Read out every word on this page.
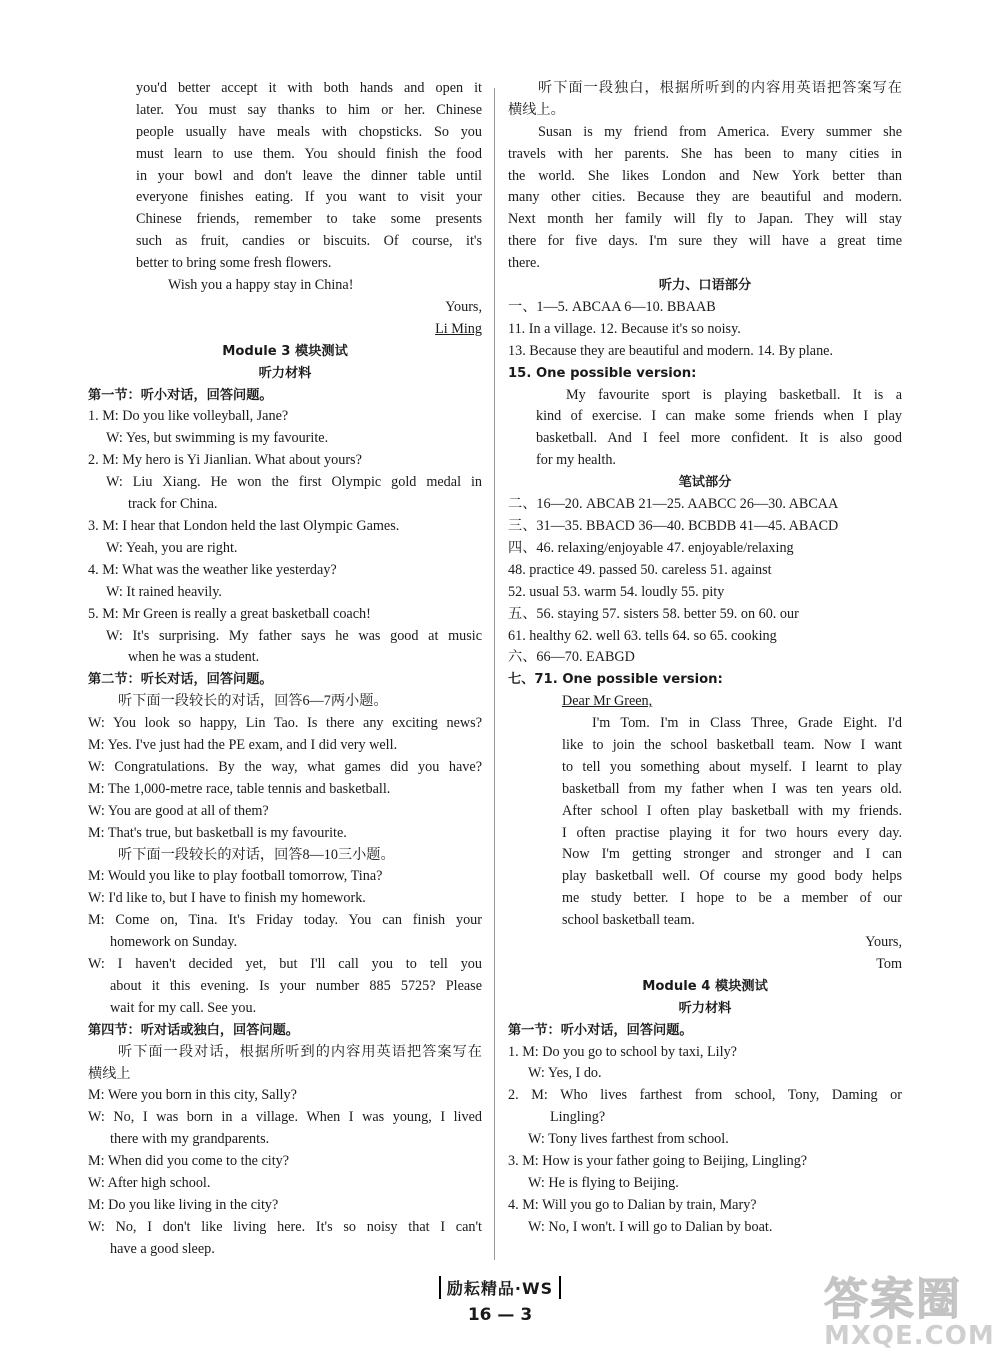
you'd better accept it with both hands and open it
later. You must say thanks to him or her. Chinese
people usually have meals with chopsticks. So you
must learn to use them. You should finish the food
in your bowl and don't leave the dinner table until
everyone finishes eating. If you want to visit your
Chinese friends, remember to take some presents
such as fruit, candies or biscuits. Of course, it's
better to bring some fresh flowers.
Wish you a happy stay in China!
Yours,
Li Ming
Module 3 模块测试
听力材料
第一节：听小对话，回答问题。
1. M: Do you like volleyball, Jane?
W: Yes, but swimming is my favourite.
2. M: My hero is Yi Jianlian. What about yours?
W: Liu Xiang. He won the first Olympic gold medal in
track for China.
3. M: I hear that London held the last Olympic Games.
W: Yeah, you are right.
4. M: What was the weather like yesterday?
W: It rained heavily.
5. M: Mr Green is really a great basketball coach!
W: It's surprising. My father says he was good at music
when he was a student.
第二节：听长对话，回答问题。
听下面一段较长的对话，回答6—7两小题。
W: You look so happy, Lin Tao. Is there any exciting news?
M: Yes. I've just had the PE exam, and I did very well.
W: Congratulations. By the way, what games did you have?
M: The 1,000-metre race, table tennis and basketball.
W: You are good at all of them?
M: That's true, but basketball is my favourite.
听下面一段较长的对话，回答8—10三小题。
M: Would you like to play football tomorrow, Tina?
W: I'd like to, but I have to finish my homework.
M: Come on, Tina. It's Friday today. You can finish your
homework on Sunday.
W: I haven't decided yet, but I'll call you to tell you
about it this evening. Is your number 885 5725? Please
wait for my call. See you.
第四节：听对话或独白，回答问题。
听下面一段对话，根据所听到的内容用英语把答案写在
横线上
M: Were you born in this city, Sally?
W: No, I was born in a village. When I was young, I lived
there with my grandparents.
M: When did you come to the city?
W: After high school.
M: Do you like living in the city?
W: No, I don't like living here. It's so noisy that I can't
have a good sleep.
听下面一段独白，根据所听到的内容用英语把答案写在
横线上。
Susan is my friend from America. Every summer she
travels with her parents. She has been to many cities in
the world. She likes London and New York better than
many other cities. Because they are beautiful and modern.
Next month her family will fly to Japan. They will stay
there for five days. I'm sure they will have a great time
there.
听力、口语部分
一、1—5. ABCAA 6—10. BBAAB
11. In a village. 12. Because it's so noisy.
13. Because they are beautiful and modern. 14. By plane.
15. One possible version:
My favourite sport is playing basketball. It is a
kind of exercise. I can make some friends when I play
basketball. And I feel more confident. It is also good
for my health.
笔试部分
二、16—20. ABCAB 21—25. AABCC 26—30. ABCAA
三、31—35. BBACD 36—40. BCBDB 41—45. ABACD
四、46. relaxing/enjoyable 47. enjoyable/relaxing
48. practice 49. passed 50. careless 51. against
52. usual 53. warm 54. loudly 55. pity
五、56. staying 57. sisters 58. better 59. on 60. our
61. healthy 62. well 63. tells 64. so 65. cooking
六、66—70. EABGD
七、71. One possible version:
Dear Mr Green,
I'm Tom. I'm in Class Three, Grade Eight. I'd
like to join the school basketball team. Now I want
to tell you something about myself. I learnt to play
basketball from my father when I was ten years old.
After school I often play basketball with my friends.
I often practise playing it for two hours every day.
Now I'm getting stronger and stronger and I can
play basketball well. Of course my good body helps
me study better. I hope to be a member of our
school basketball team.
Yours,
Tom
Module 4 模块测试
听力材料
第一节：听小对话，回答问题。
1. M: Do you go to school by taxi, Lily?
W: Yes, I do.
2. M: Who lives farthest from school, Tony, Daming or
Lingling?
W: Tony lives farthest from school.
3. M: How is your father going to Beijing, Lingling?
W: He is flying to Beijing.
4. M: Will you go to Dalian by train, Mary?
W: No, I won't. I will go to Dalian by boat.
励耘精品·WS
16 — 3	答案圈
MXQE.COM
